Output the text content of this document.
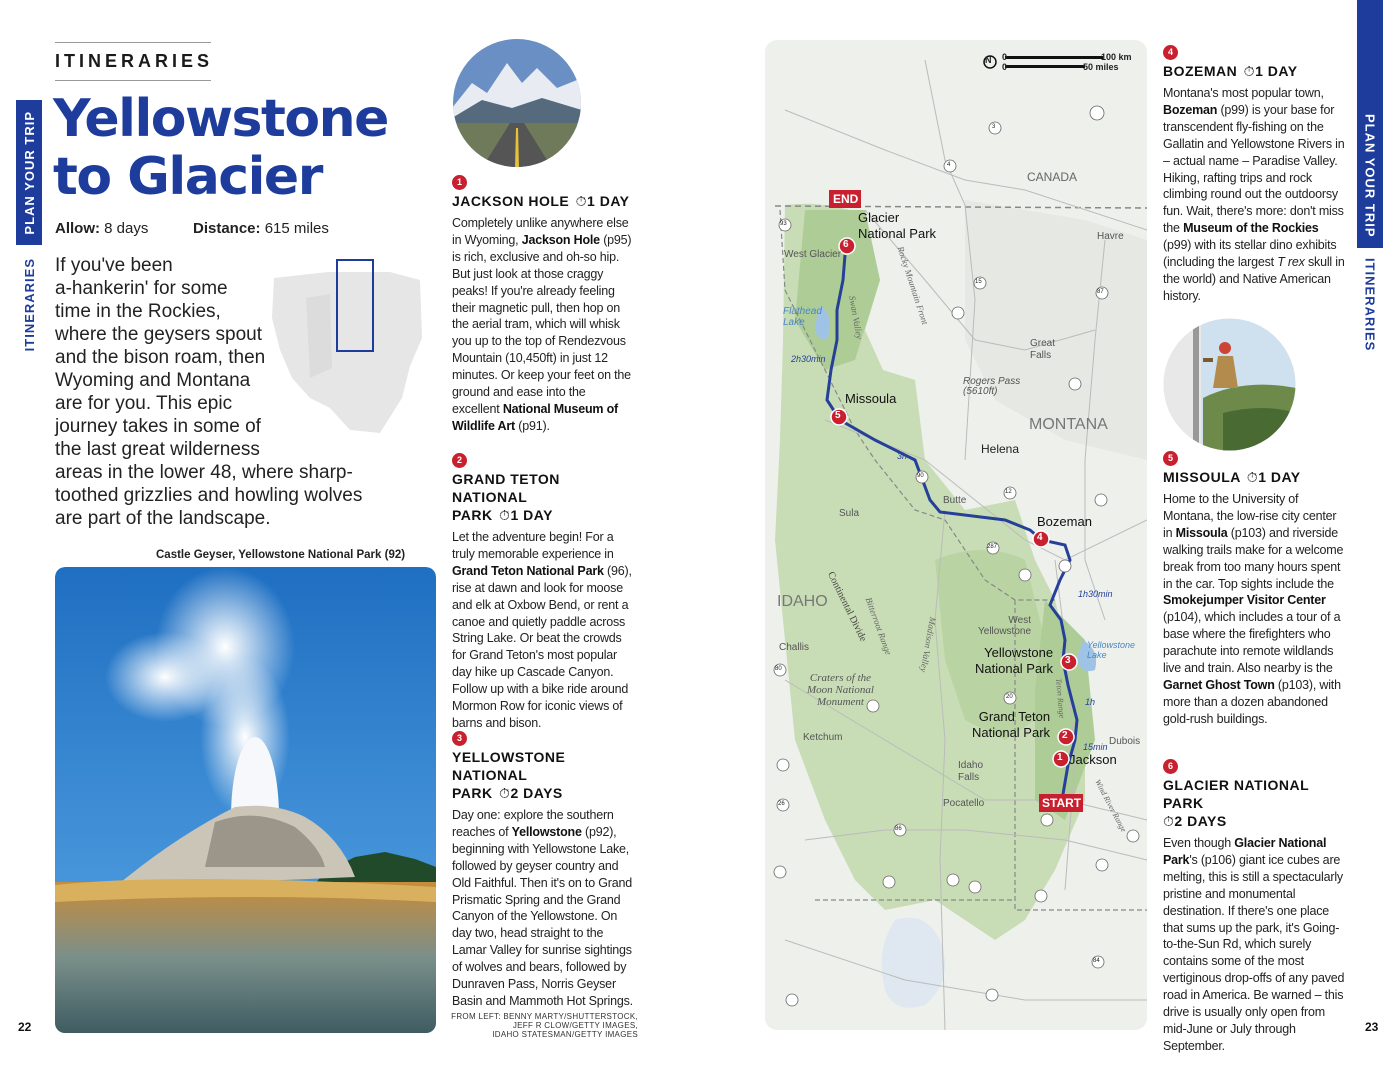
PLAN YOUR TRIP
ITINERARIES
ITINERARIES
Yellowstone
to Glacier
Allow: 8 days	Distance: 615 miles
If you've been
a-hankerin' for some
time in the Rockies,
where the geysers spout
and the bison roam, then
Wyoming and Montana
are for you. This epic
journey takes in some of
the last great wilderness
areas in the lower 48, where sharp-
toothed grizzlies and howling wolves
are part of the landscape.
Castle Geyser, Yellowstone National Park (92)
22
1
JACKSON HOLE ⏱1 DAY
Completely unlike anywhere else in Wyoming, Jackson Hole (p95) is rich, exclusive and oh-so hip. But just look at those craggy peaks! If you're already feeling their magnetic pull, then hop on the aerial tram, which will whisk you up to the top of Rendezvous Mountain (10,450ft) in just 12 minutes. Or keep your feet on the ground and ease into the excellent National Museum of Wildlife Art (p91).
2
GRAND TETON NATIONAL
PARK ⏱1 DAY
Let the adventure begin! For a truly memorable experience in Grand Teton National Park (96), rise at dawn and look for moose and elk at Oxbow Bend, or rent a canoe and quietly paddle across String Lake. Or beat the crowds for Grand Teton's most popular day hike up Cascade Canyon. Follow up with a bike ride around Mormon Row for iconic views of barns and bison.
3
YELLOWSTONE NATIONAL
PARK ⏱2 DAYS
Day one: explore the southern reaches of Yellowstone (p92), beginning with Yellowstone Lake, followed by geyser country and Old Faithful. Then it's on to Grand Prismatic Spring and the Grand Canyon of the Yellowstone. On day two, head straight to the Lamar Valley for sunrise sightings of wolves and bears, followed by Dunraven Pass, Norris Geyser Basin and Mammoth Hot Springs.
FROM LEFT: BENNY MARTY/SHUTTERSTOCK,
JEFF R CLOW/GETTY IMAGES,
IDAHO STATESMAN/GETTY IMAGES
0
0
N	100 km
50 miles
END
START
6
5
4
3
2
1
CANADA
MONTANA
IDAHO
Glacier
National Park
Missoula
Bozeman
Yellowstone
National Park
Grand Teton
National Park
Jackson
Helena
Great
Falls
Havre
Butte
Pocatello
Idaho
Falls
West Glacier
West
Yellowstone
Sula
Challis
Ketchum	Dubois
Flathead
Lake
Yellowstone
Lake
Rogers Pass
(5610ft)
Craters of the
Moon National
Monument
Continental Divide
Rocky Mountain Front
Bitterroot Range	Madison Valley
Swan Valley
Teton Range
Wind River Range
2h30min
3h
1h30min
1h
15min
93
3
4
15
87
90
12
287
20
80
26
86
84
4
BOZEMAN ⏱1 DAY
Montana's most popular town, Bozeman (p99) is your base for transcendent fly-fishing on the Gallatin and Yellowstone Rivers in – actual name – Paradise Valley. Hiking, rafting trips and rock climbing round out the outdoorsy fun. Wait, there's more: don't miss the Museum of the Rockies (p99) with its stellar dino exhibits (including the largest T rex skull in the world) and Native American history.
5
MISSOULA ⏱1 DAY
Home to the University of Montana, the low-rise city center in Missoula (p103) and riverside walking trails make for a welcome break from too many hours spent in the car. Top sights include the Smokejumper Visitor Center (p104), which includes a tour of a base where the firefighters who parachute into remote wildlands live and train. Also nearby is the Garnet Ghost Town (p103), with more than a dozen abandoned gold-rush buildings.
6
GLACIER NATIONAL PARK
⏱2 DAYS
Even though Glacier National Park's (p106) giant ice cubes are melting, this is still a spectacularly pristine and monumental destination. If there's one place that sums up the park, it's Going-to-the-Sun Rd, which surely contains some of the most vertiginous drop-offs of any paved road in America. Be warned – this drive is usually only open from mid-June or July through September.
PLAN YOUR TRIP
ITINERARIES
23
